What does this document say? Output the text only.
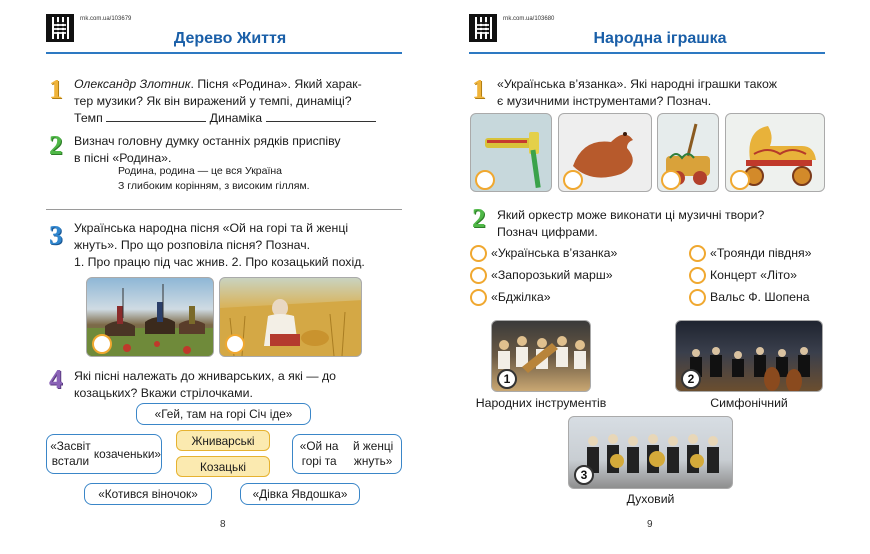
rnk.com.ua/103679
Дерево Життя
1 Олександр Злотник. Пісня «Родина». Який харак-
тер музики? Як він виражений у темпі, динаміці?
Темп	Динаміка
2 Визнач головну думку останніх рядків приспіву
в пісні «Родина».
Родина, родина — це вся Україна
З глибоким корінням, з високим гіллям.
3 Українська народна пісня «Ой на горі та й женці
жнуть». Про що розповіла пісня? Познач.

1. Про працю під час жнив. 2. Про козацький похід.
4 Які пісні належать до жниварських, а які — до
козацьких? Вкажи стрілочками.
«Гей, там на горі Січ іде»
«Засвіт встали

козаченьки»
Жниварські
Козацькі
«Ой на горі та

й женці жнуть»
«Котився віночок»	«Дівка Явдошка»
8
rnk.com.ua/103680
Народна іграшка
1 «Українська в’язанка». Які народні іграшки також
є музичними інструментами? Познач.
2 Який оркестр може виконати ці музичні твори?
Познач цифрами.
«Українська в’язанка»
«Запорозький марш»
«Бджілка»
«Троянди півдня»
Концерт «Літо»
Вальс Ф. Шопена
1
Народних інструментів
2
Симфонічний
3
Духовий
9
